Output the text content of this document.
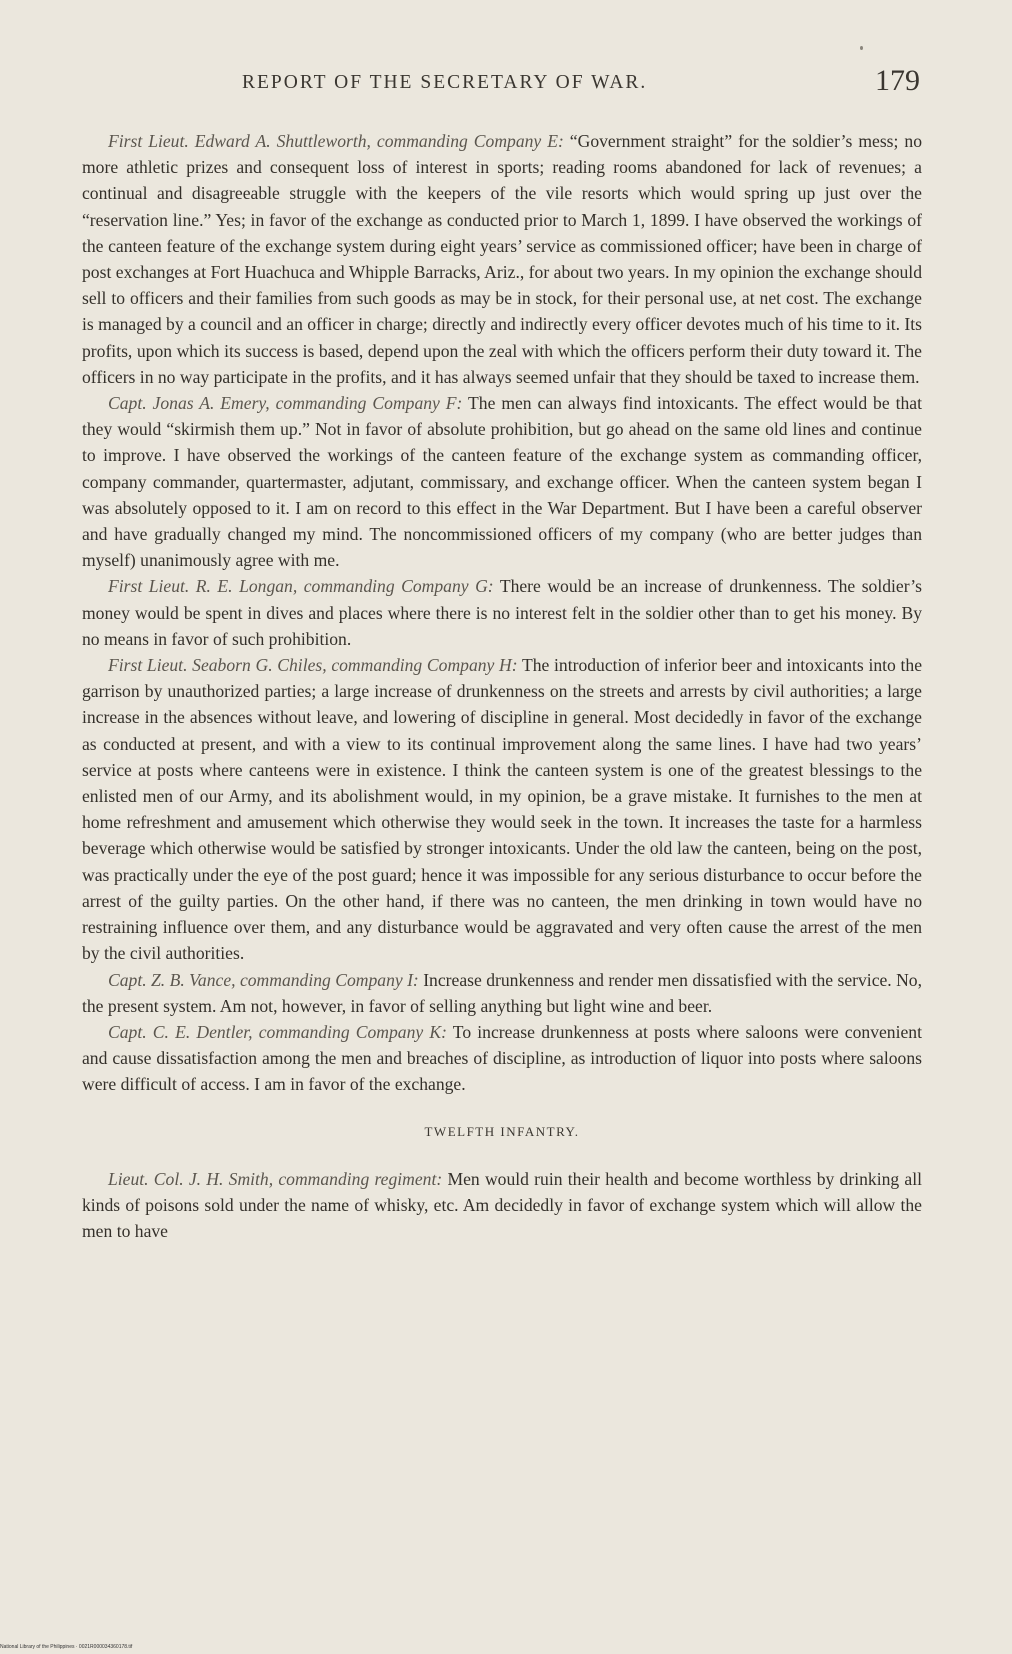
REPORT OF THE SECRETARY OF WAR.	179

First Lieut. Edward A. Shuttleworth, commanding Company E: “Government straight” for the soldier’s mess; no more athletic prizes and consequent loss of interest in sports; reading rooms abandoned for lack of revenues; a continual and disagreeable struggle with the keepers of the vile resorts which would spring up just over the “reservation line.” Yes; in favor of the exchange as conducted prior to March 1, 1899. I have observed the workings of the canteen feature of the exchange system during eight years’ service as commissioned officer; have been in charge of post exchanges at Fort Huachuca and Whipple Barracks, Ariz., for about two years. In my opinion the exchange should sell to officers and their families from such goods as may be in stock, for their personal use, at net cost. The exchange is managed by a council and an officer in charge; directly and indirectly every officer devotes much of his time to it. Its profits, upon which its success is based, depend upon the zeal with which the officers perform their duty toward it. The officers in no way participate in the profits, and it has always seemed unfair that they should be taxed to increase them.

Capt. Jonas A. Emery, commanding Company F: The men can always find intoxicants. The effect would be that they would “skirmish them up.” Not in favor of absolute prohibition, but go ahead on the same old lines and continue to improve. I have observed the workings of the canteen feature of the exchange system as commanding officer, company commander, quartermaster, adjutant, commissary, and exchange officer. When the canteen system began I was absolutely opposed to it. I am on record to this effect in the War Department. But I have been a careful observer and have gradually changed my mind. The noncommissioned officers of my company (who are better judges than myself) unanimously agree with me.

First Lieut. R. E. Longan, commanding Company G: There would be an increase of drunkenness. The soldier’s money would be spent in dives and places where there is no interest felt in the soldier other than to get his money. By no means in favor of such prohibition.

First Lieut. Seaborn G. Chiles, commanding Company H: The introduction of inferior beer and intoxicants into the garrison by unauthorized parties; a large increase of drunkenness on the streets and arrests by civil authorities; a large increase in the absences without leave, and lowering of discipline in general. Most decidedly in favor of the exchange as conducted at present, and with a view to its continual improvement along the same lines. I have had two years’ service at posts where canteens were in existence. I think the canteen system is one of the greatest blessings to the enlisted men of our Army, and its abolishment would, in my opinion, be a grave mistake. It furnishes to the men at home refreshment and amusement which otherwise they would seek in the town. It increases the taste for a harmless beverage which otherwise would be satisfied by stronger intoxicants. Under the old law the canteen, being on the post, was practically under the eye of the post guard; hence it was impossible for any serious disturbance to occur before the arrest of the guilty parties. On the other hand, if there was no canteen, the men drinking in town would have no restraining influence over them, and any disturbance would be aggravated and very often cause the arrest of the men by the civil authorities.

Capt. Z. B. Vance, commanding Company I: Increase drunkenness and render men dissatisfied with the service. No, the present system. Am not, however, in favor of selling anything but light wine and beer.

Capt. C. E. Dentler, commanding Company K: To increase drunkenness at posts where saloons were convenient and cause dissatisfaction among the men and breaches of discipline, as introduction of liquor into posts where saloons were difficult of access. I am in favor of the exchange.

TWELFTH INFANTRY.

Lieut. Col. J. H. Smith, commanding regiment: Men would ruin their health and become worthless by drinking all kinds of poisons sold under the name of whisky, etc. Am decidedly in favor of exchange system which will allow the men to have

National Library of the Philippines · 0021R000034360178.tif
